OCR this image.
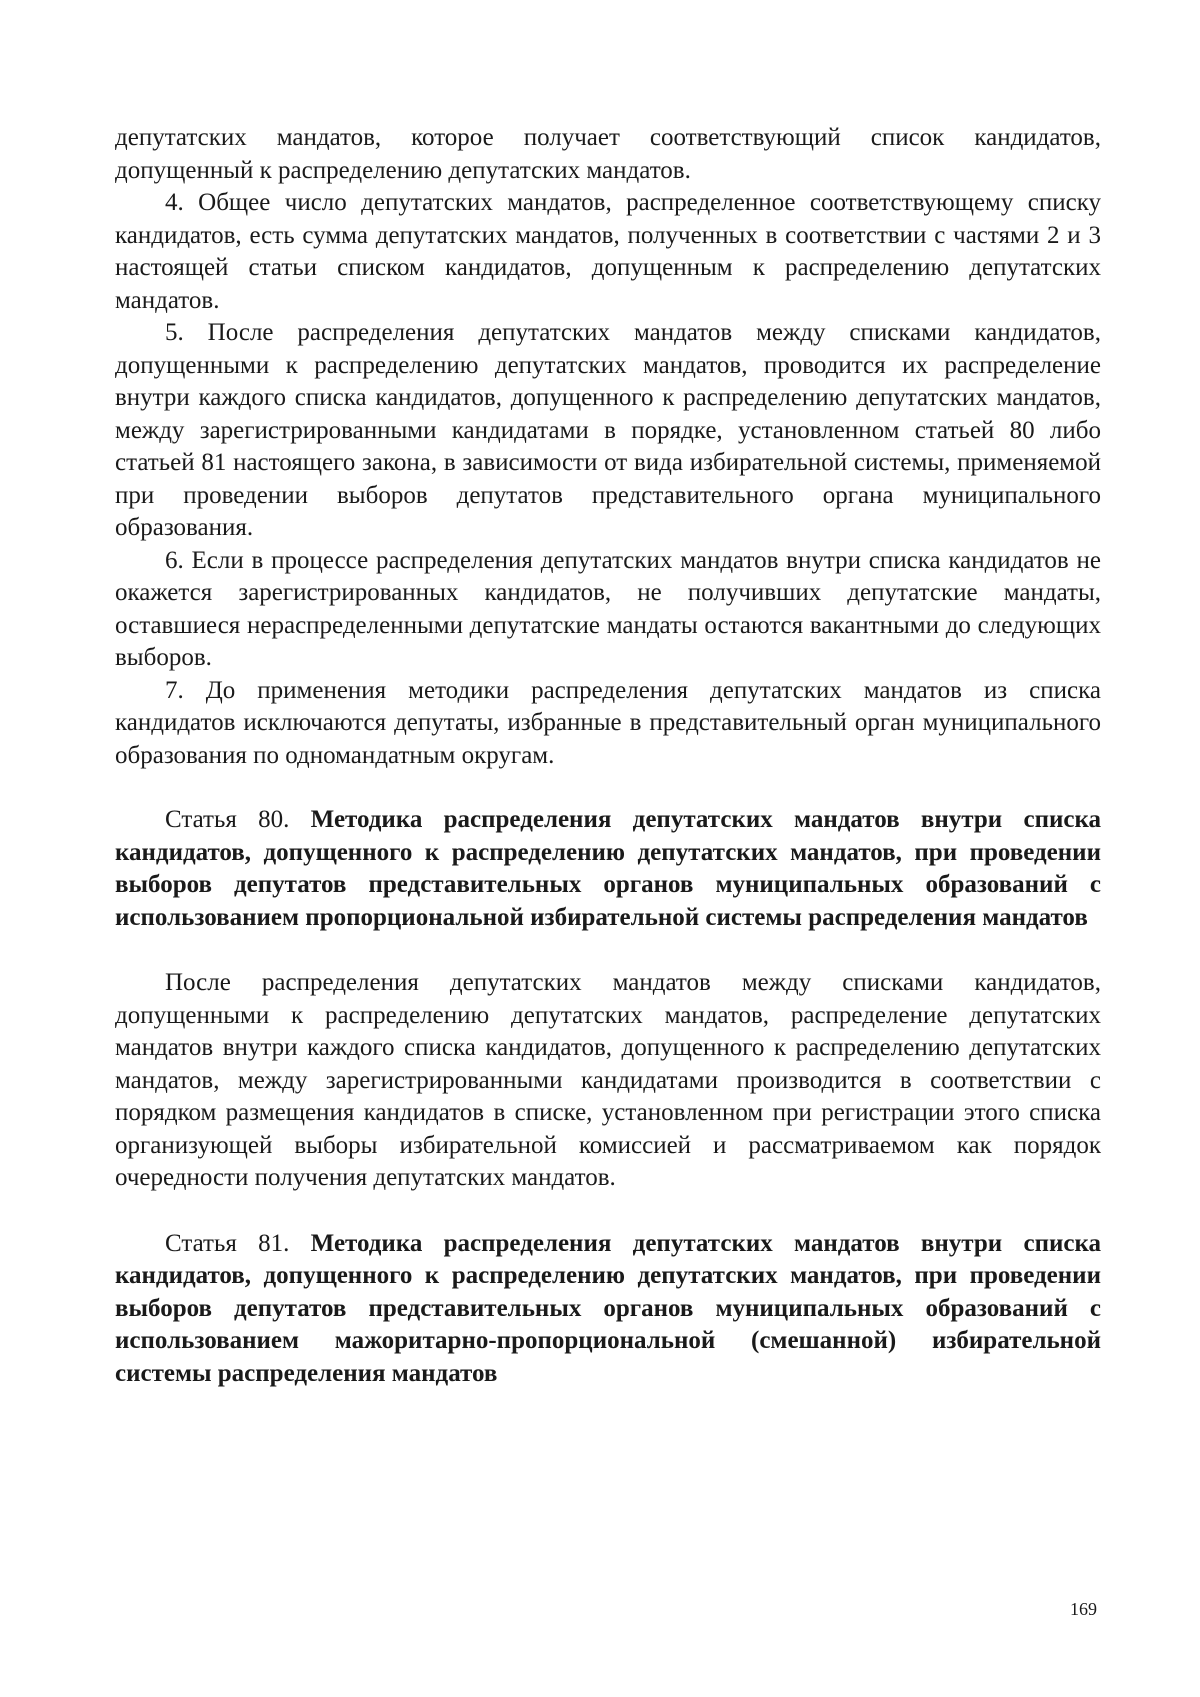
депутатских мандатов, которое получает соответствующий список кандидатов, допущенный к распределению депутатских мандатов.

4. Общее число депутатских мандатов, распределенное соответствующему списку кандидатов, есть сумма депутатских мандатов, полученных в соответствии с частями 2 и 3 настоящей статьи списком кандидатов, допущенным к распределению депутатских мандатов.

5. После распределения депутатских мандатов между списками кандидатов, допущенными к распределению депутатских мандатов, проводится их распределение внутри каждого списка кандидатов, допущенного к распределению депутатских мандатов, между зарегистрированными кандидатами в порядке, установленном статьей 80 либо статьей 81 настоящего закона, в зависимости от вида избирательной системы, применяемой при проведении выборов депутатов представительного органа муниципального образования.

6. Если в процессе распределения депутатских мандатов внутри списка кандидатов не окажется зарегистрированных кандидатов, не получивших депутатские мандаты, оставшиеся нераспределенными депутатские мандаты остаются вакантными до следующих выборов.

7. До применения методики распределения депутатских мандатов из списка кандидатов исключаются депутаты, избранные в представительный орган муниципального образования по одномандатным округам.

Статья 80. Методика распределения депутатских мандатов внутри списка кандидатов, допущенного к распределению депутатских мандатов, при проведении выборов депутатов представительных органов муниципальных образований с использованием пропорциональной избирательной системы распределения мандатов

После распределения депутатских мандатов между списками кандидатов, допущенными к распределению депутатских мандатов, распределение депутатских мандатов внутри каждого списка кандидатов, допущенного к распределению депутатских мандатов, между зарегистрированными кандидатами производится в соответствии с порядком размещения кандидатов в списке, установленном при регистрации этого списка организующей выборы избирательной комиссией и рассматриваемом как порядок очередности получения депутатских мандатов.

Статья 81. Методика распределения депутатских мандатов внутри списка кандидатов, допущенного к распределению депутатских мандатов, при проведении выборов депутатов представительных органов муниципальных образований с использованием мажоритарно-пропорциональной (смешанной) избирательной системы распределения мандатов

169
